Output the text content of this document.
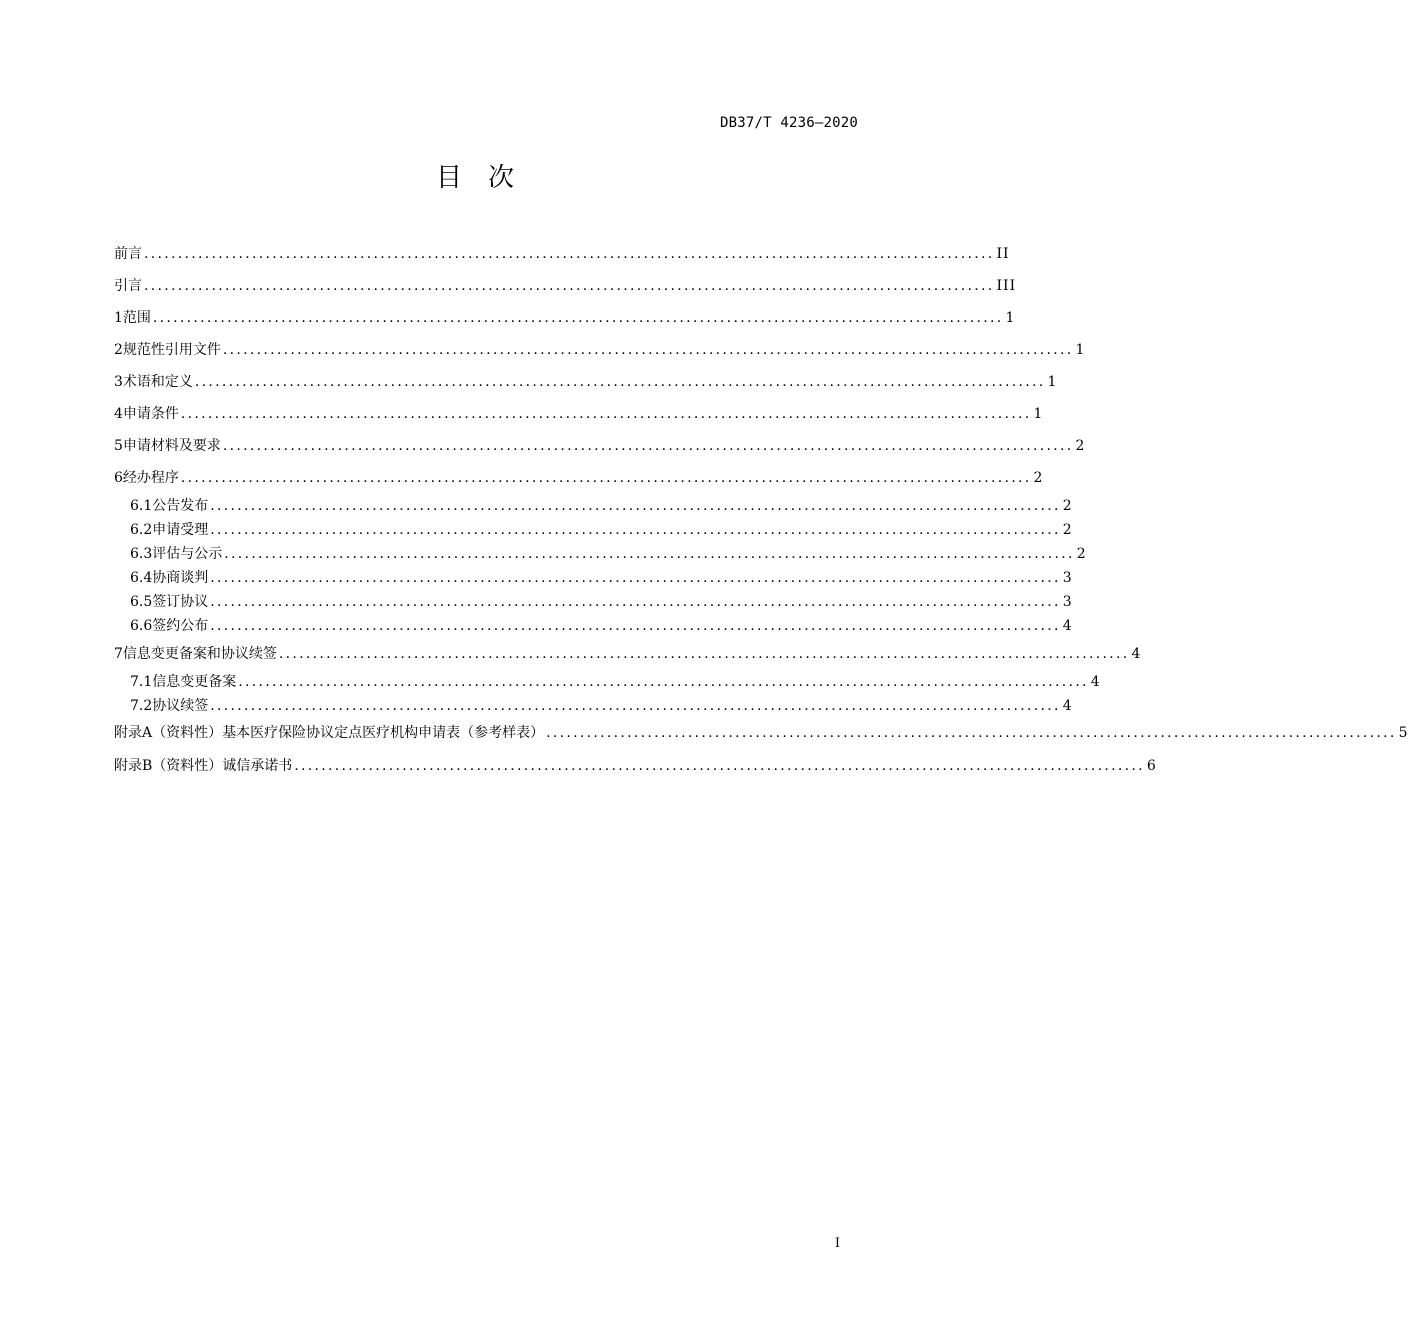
DB37/T 4236—2020
目 次
前言 .............................................................................................................................. II
引言 .............................................................................................................................. III
1 范围 .............................................................................................................................. 1
2 规范性引用文件 .............................................................................................................................. 1
3 术语和定义 .............................................................................................................................. 1
4 申请条件 .............................................................................................................................. 1
5 申请材料及要求 .............................................................................................................................. 2
6 经办程序 .............................................................................................................................. 2
6.1 公告发布 .............................................................................................................................. 2
6.2 申请受理 .............................................................................................................................. 2
6.3 评估与公示 .............................................................................................................................. 2
6.4 协商谈判 .............................................................................................................................. 3
6.5 签订协议 .............................................................................................................................. 3
6.6 签约公布 .............................................................................................................................. 4
7 信息变更备案和协议续签 .............................................................................................................................. 4
7.1 信息变更备案 .............................................................................................................................. 4
7.2 协议续签 .............................................................................................................................. 4
附录A（资料性） 基本医疗保险协议定点医疗机构申请表（参考样表） .............................................................................................................................. 5
附录B（资料性） 诚信承诺书 .............................................................................................................................. 6
I
